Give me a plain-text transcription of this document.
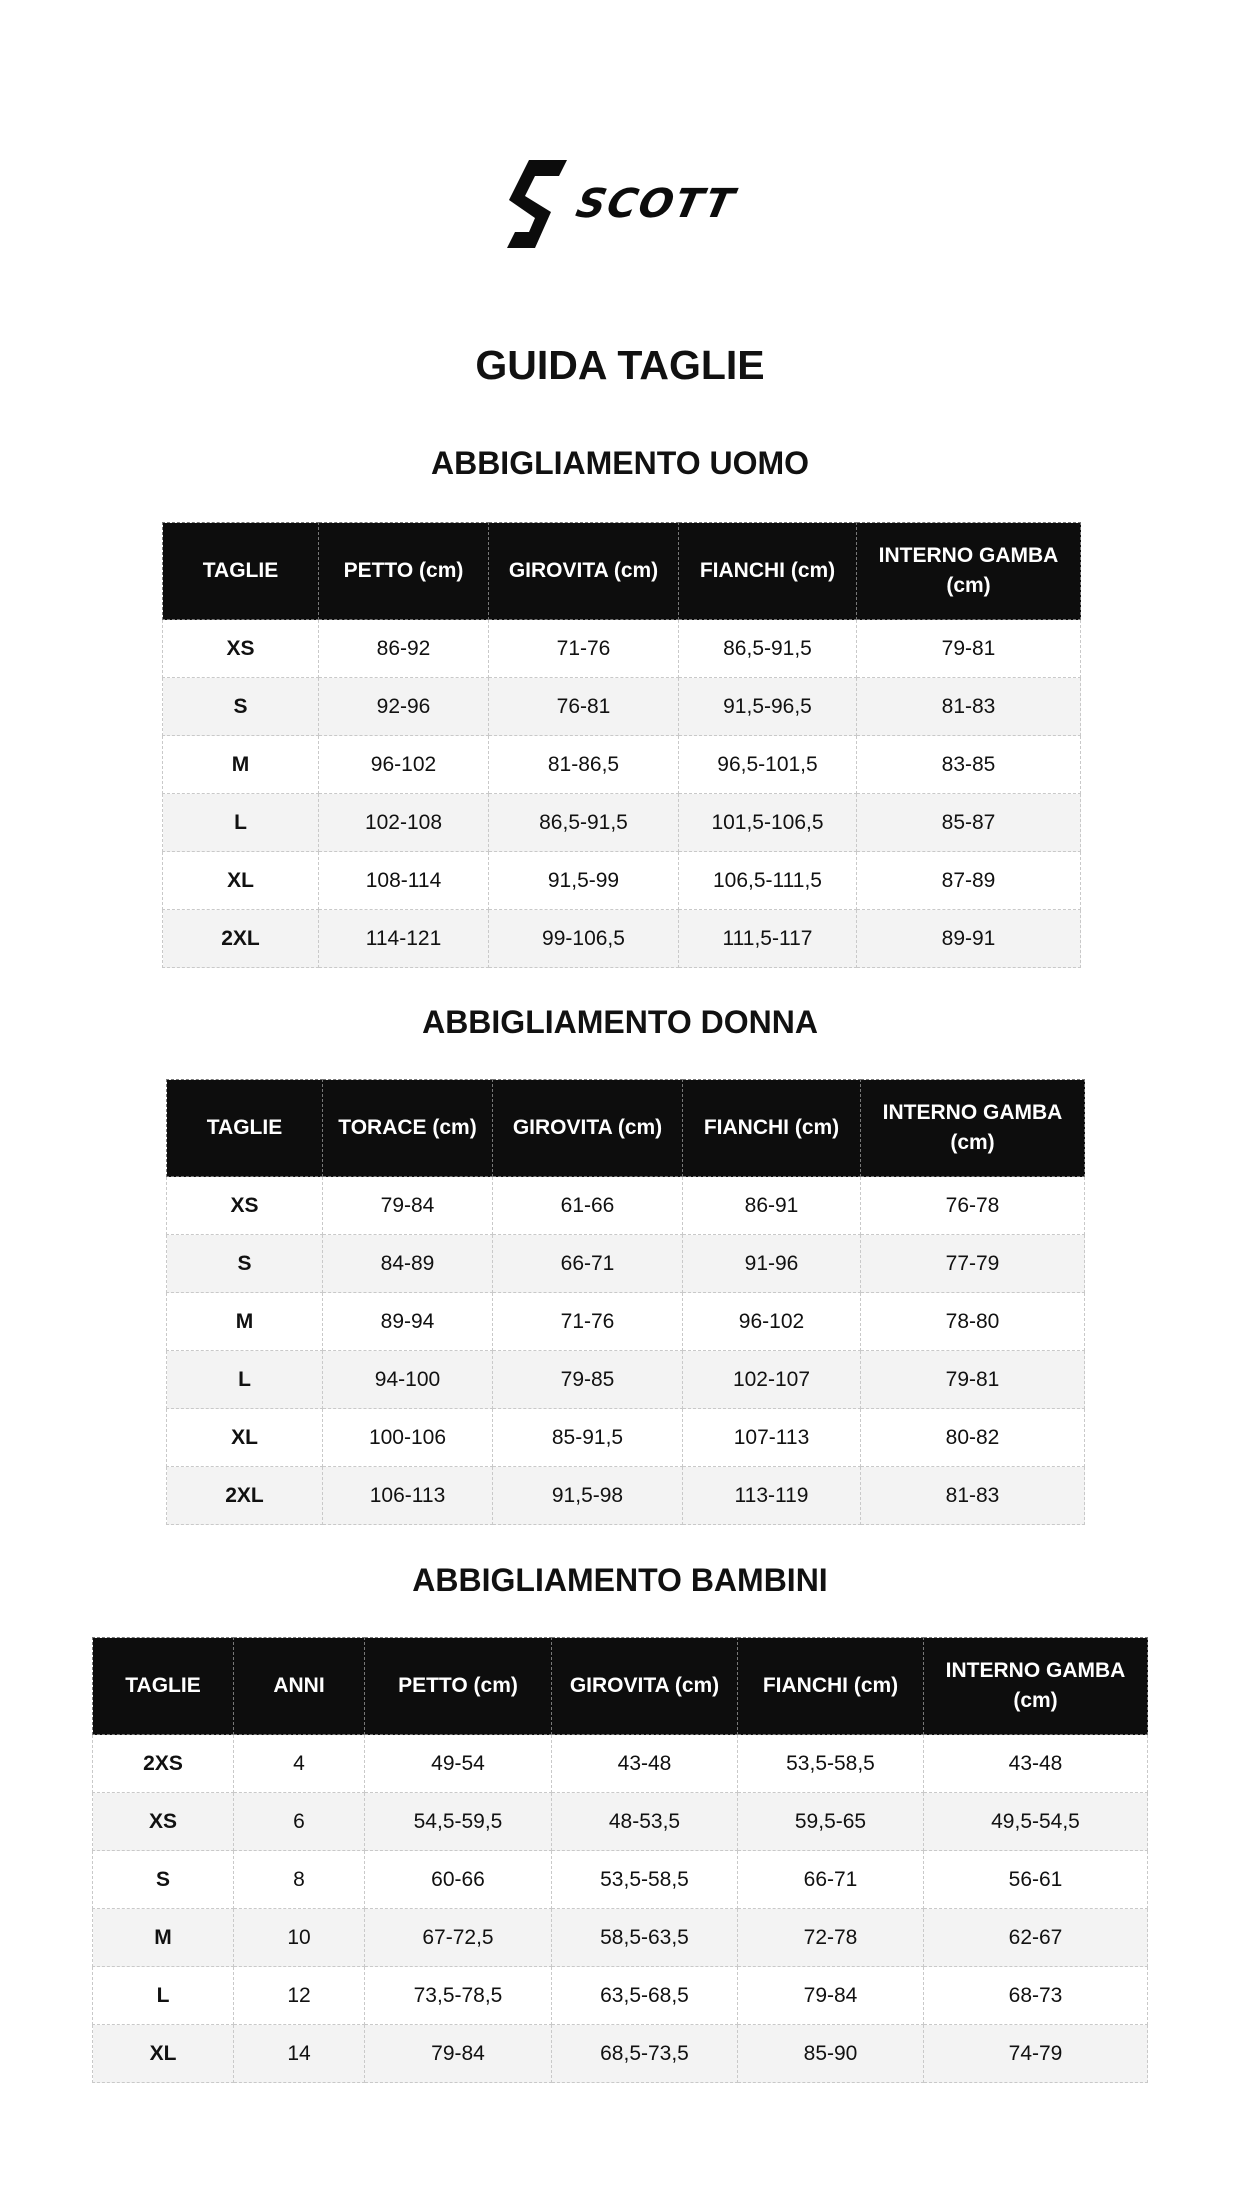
SCOTT
GUIDA TAGLIE
ABBIGLIAMENTO UOMO
TAGLIE	PETTO (cm)	GIROVITA (cm)	FIANCHI (cm)	INTERNO GAMBA (cm)
XS	86-92	71-76	86,5-91,5	79-81
S	92-96	76-81	91,5-96,5	81-83
M	96-102	81-86,5	96,5-101,5	83-85
L	102-108	86,5-91,5	101,5-106,5	85-87
XL	108-114	91,5-99	106,5-111,5	87-89
2XL	114-121	99-106,5	111,5-117	89-91
ABBIGLIAMENTO DONNA
TAGLIE	TORACE (cm)	GIROVITA (cm)	FIANCHI (cm)	INTERNO GAMBA (cm)
XS	79-84	61-66	86-91	76-78
S	84-89	66-71	91-96	77-79
M	89-94	71-76	96-102	78-80
L	94-100	79-85	102-107	79-81
XL	100-106	85-91,5	107-113	80-82
2XL	106-113	91,5-98	113-119	81-83
ABBIGLIAMENTO BAMBINI
TAGLIE	ANNI	PETTO (cm)	GIROVITA (cm)	FIANCHI (cm)	INTERNO GAMBA (cm)
2XS	4	49-54	43-48	53,5-58,5	43-48
XS	6	54,5-59,5	48-53,5	59,5-65	49,5-54,5
S	8	60-66	53,5-58,5	66-71	56-61
M	10	67-72,5	58,5-63,5	72-78	62-67
L	12	73,5-78,5	63,5-68,5	79-84	68-73
XL	14	79-84	68,5-73,5	85-90	74-79
